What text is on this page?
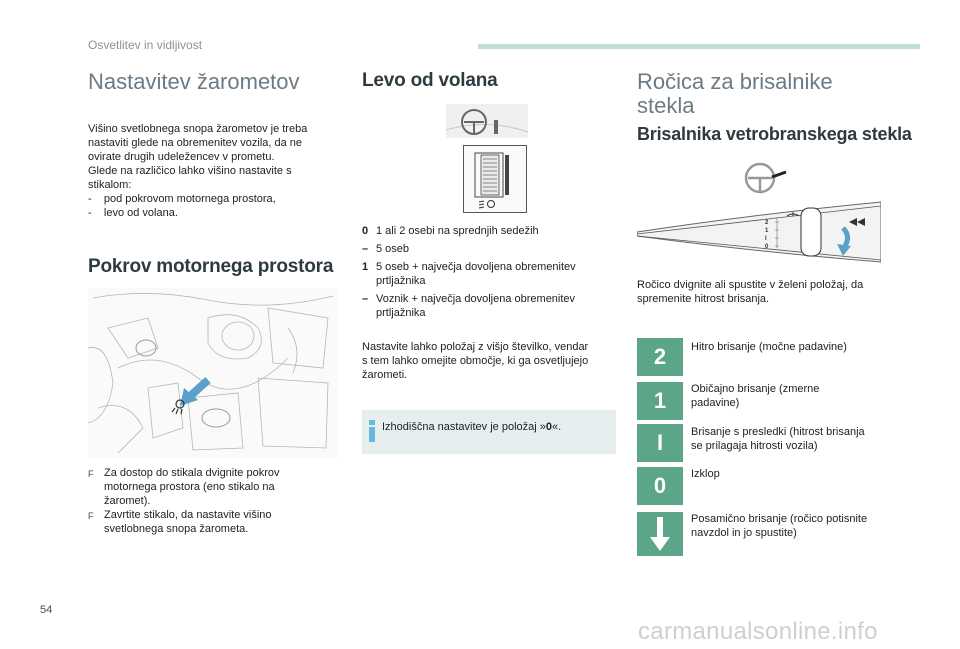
Osvetlitev in vidljivost
Nastavitev žarometov
Višino svetlobnega snopa žarometov je treba
nastaviti glede na obremenitev vozila, da ne
ovirate drugih udeležencev v prometu.
Glede na različico lahko višino nastavite s
stikalom:
-    pod pokrovom motornega prostora,
-    levo od volana.
Pokrov motornega prostora
F Za dostop do stikala dvignite pokrov
motornega prostora (eno stikalo na
žaromet).
F Zavrtite stikalo, da nastavite višino
svetlobnega snopa žarometa.
Levo od volana
0 1 ali 2 osebi na sprednjih sedežih
– 5 oseb
1 5 oseb + največja dovoljena obremenitev
prtljažnika
– Voznik + največja dovoljena obremenitev
prtljažnika
Nastavite lahko položaj z višjo številko, vendar
s tem lahko omejite območje, ki ga osvetljujejo
žarometi.
Izhodiščna nastavitev je položaj »0«.
Ročica za brisalnike
stekla
Brisalnika vetrobranskega stekla
2
1
I
0
Ročico dvignite ali spustite v želeni položaj, da
spremenite hitrost brisanja.
2	Hitro brisanje (močne padavine)
1	Običajno brisanje (zmerne
padavine)
I	Brisanje s presledki (hitrost brisanja
se prilagaja hitrosti vozila)
0	Izklop
Posamično brisanje (ročico potisnite
navzdol in jo spustite)
54
carmanualsonline.info
